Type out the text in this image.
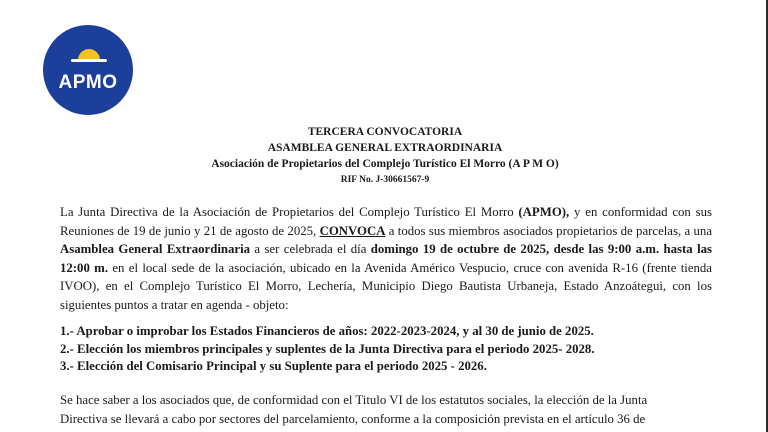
APMO
TERCERA CONVOCATORIA
ASAMBLEA GENERAL EXTRAORDINARIA
Asociación de Propietarios del Complejo Turístico El Morro (A P M O)
RIF No. J-30661567-9
La Junta Directiva de la Asociación de Propietarios del Complejo Turístico El Morro (APMO), y en conformidad con sus Reuniones de 19 de junio y 21 de agosto de 2025, CONVOCA a todos sus miembros asociados propietarios de parcelas, a una Asamblea General Extraordinaria a ser celebrada el día domingo 19 de octubre de 2025, desde las 9:00 a.m. hasta las 12:00 m. en el local sede de la asociación, ubicado en la Avenida Américo Vespucio, cruce con avenida R-16 (frente tienda IVOO), en el Complejo Turístico El Morro, Lechería, Municipio Diego Bautista Urbaneja, Estado Anzoátegui, con los siguientes puntos a tratar en agenda - objeto:
1.- Aprobar o improbar los Estados Financieros de años: 2022-2023-2024, y al 30 de junio de 2025.
2.- Elección los miembros principales y suplentes de la Junta Directiva para el periodo 2025- 2028.
3.- Elección del Comisario Principal y su Suplente para el periodo 2025 - 2026.
Se hace saber a los asociados que, de conformidad con el Titulo VI de los estatutos sociales, la elección de la Junta
Directiva se llevará a cabo por sectores del parcelamiento, conforme a la composición prevista en el artículo 36 de
